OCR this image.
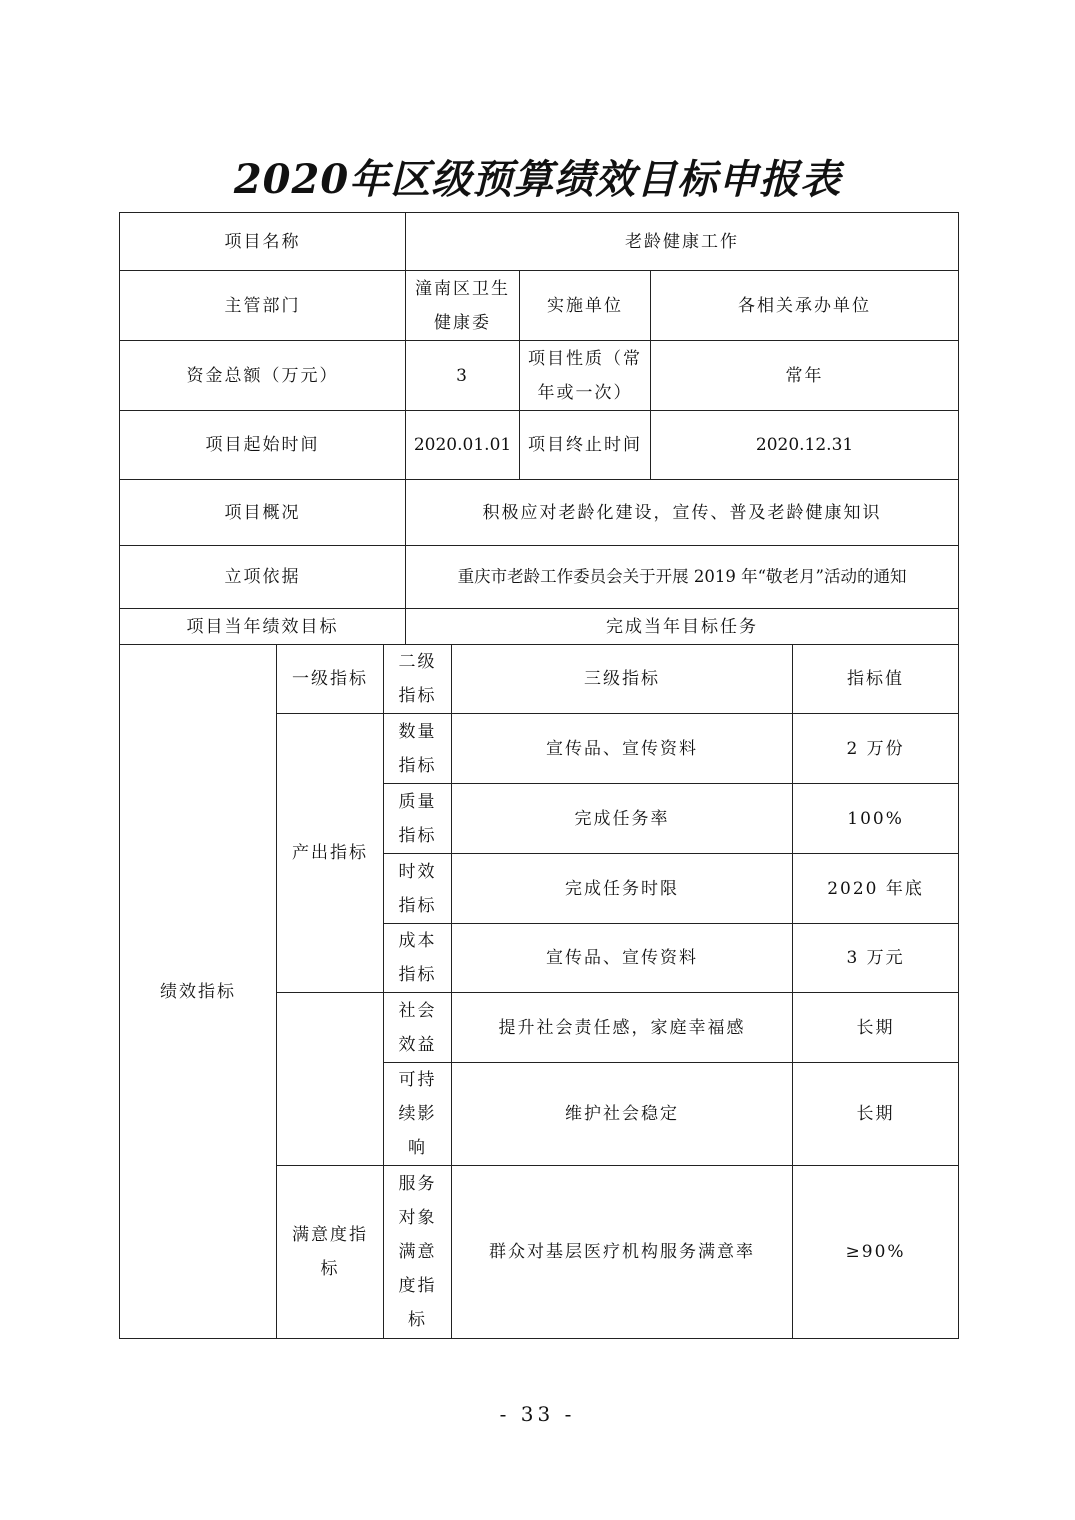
2020年区级预算绩效目标申报表
项目名称			老龄健康工作				
主管部门			潼南区卫生健康委		实施单位	各相关承办单位	
资金总额（万元）			3		项目性质（常年或一次）	常年	
项目起始时间			2020.01.01		项目终止时间	2020.12.31	
项目概况			积极应对老龄化建设，宣传、普及老龄健康知识				
立项依据			重庆市老龄工作委员会关于开展 2019 年“敬老月”活动的通知				
项目当年绩效目标			完成当年目标任务				
绩效指标	一级指标	二级指标		三级指标			指标值
	产出指标	数量指标		宣传品、宣传资料			2 万份
		质量指标		完成任务率			100%
		时效指标		完成任务时限			2020 年底
		成本指标		宣传品、宣传资料			3 万元
		社会效益		提升社会责任感，家庭幸福感			长期
		可持续影响		维护社会稳定			长期
	满意度指标	服务对象满意度指标		群众对基层医疗机构服务满意率			≥90%
- 33 -
